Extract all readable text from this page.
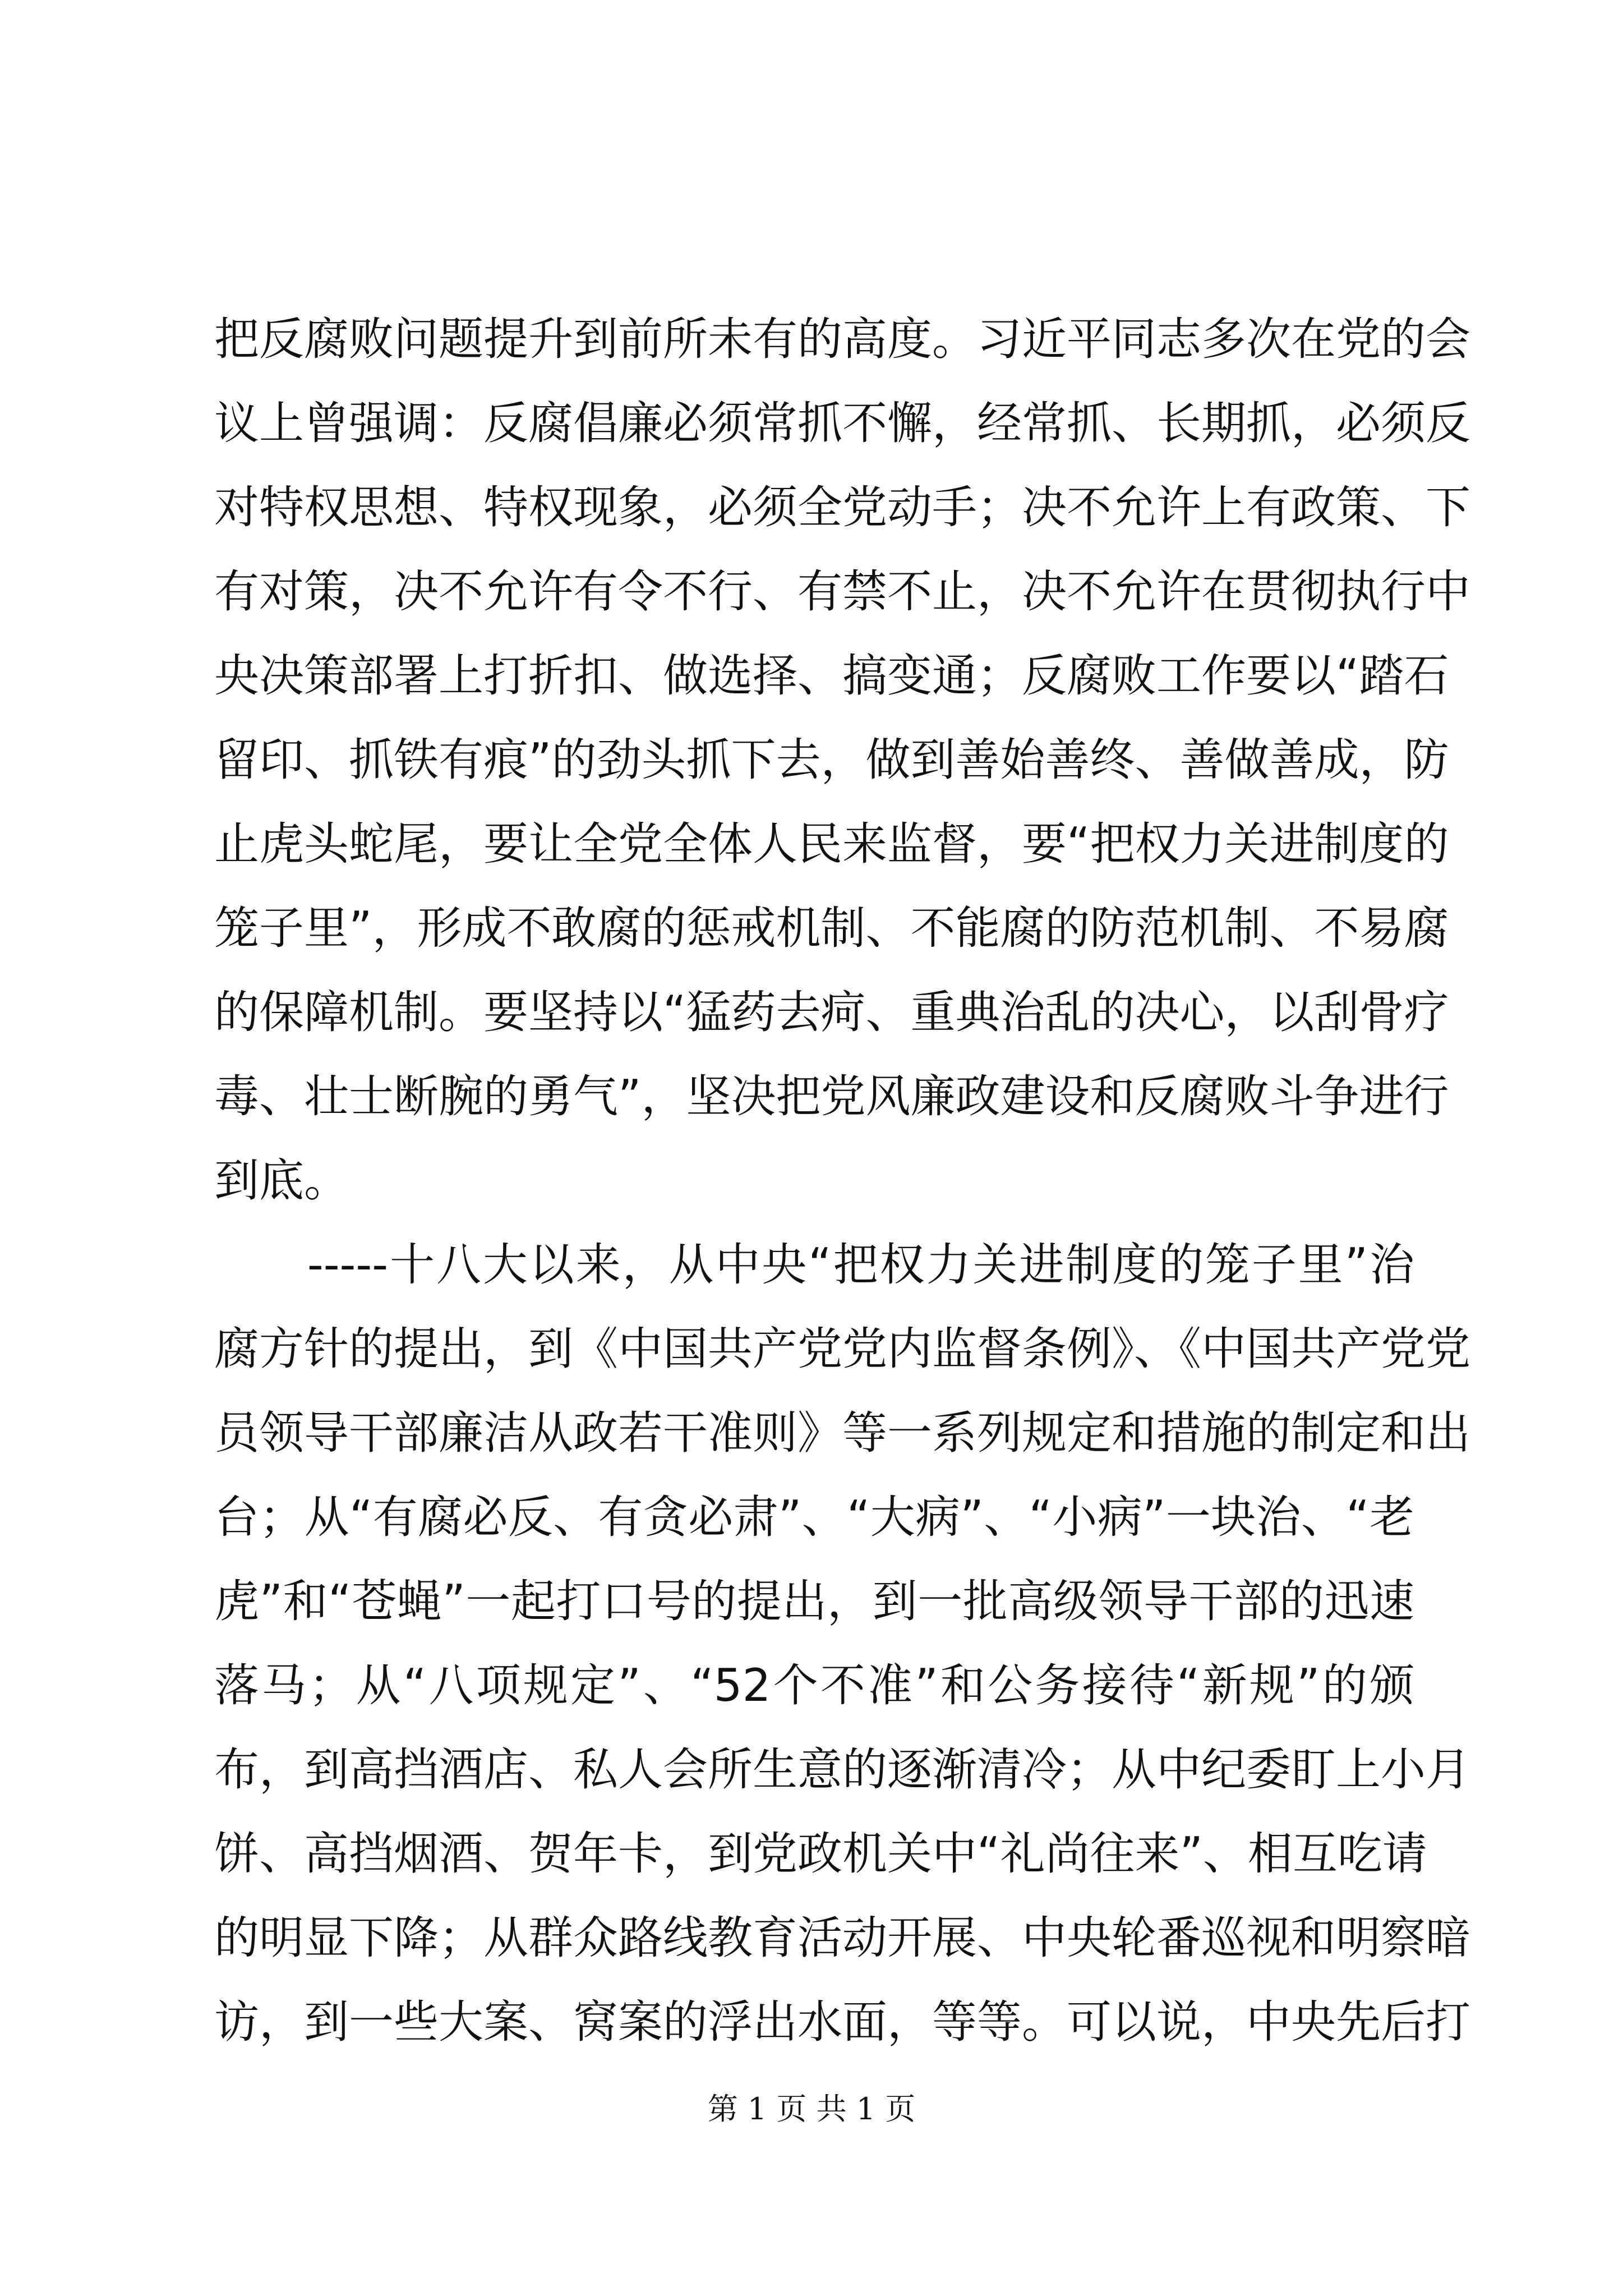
把反腐败问题提升到前所未有的高度。习近平同志多次在党的会
议上曾强调：反腐倡廉必须常抓不懈，经常抓、长期抓，必须反
对特权思想、特权现象，必须全党动手；决不允许上有政策、下
有对策，决不允许有令不行、有禁不止，决不允许在贯彻执行中
央决策部署上打折扣、做选择、搞变通；反腐败工作要以“踏石
留印、抓铁有痕”的劲头抓下去，做到善始善终、善做善成，防
止虎头蛇尾，要让全党全体人民来监督，要“把权力关进制度的
笼子里”，形成不敢腐的惩戒机制、不能腐的防范机制、不易腐
的保障机制。要坚持以“猛药去疴、重典治乱的决心，以刮骨疗
毒、壮士断腕的勇气”，坚决把党风廉政建设和反腐败斗争进行
到底。
　　-----十八大以来，从中央“把权力关进制度的笼子里”治
腐方针的提出，到《中国共产党党内监督条例》、《中国共产党党
员领导干部廉洁从政若干准则》等一系列规定和措施的制定和出
台；从“有腐必反、有贪必肃”、“大病”、“小病”一块治、“老
虎”和“苍蝇”一起打口号的提出，到一批高级领导干部的迅速
落马；从“八项规定”、“52个不准”和公务接待“新规”的颁
布，到高挡酒店、私人会所生意的逐渐清冷；从中纪委盯上小月
饼、高挡烟酒、贺年卡，到党政机关中“礼尚往来”、相互吃请
的明显下降；从群众路线教育活动开展、中央轮番巡视和明察暗
访，到一些大案、窝案的浮出水面，等等。可以说，中央先后打
第 1 页 共 1 页
